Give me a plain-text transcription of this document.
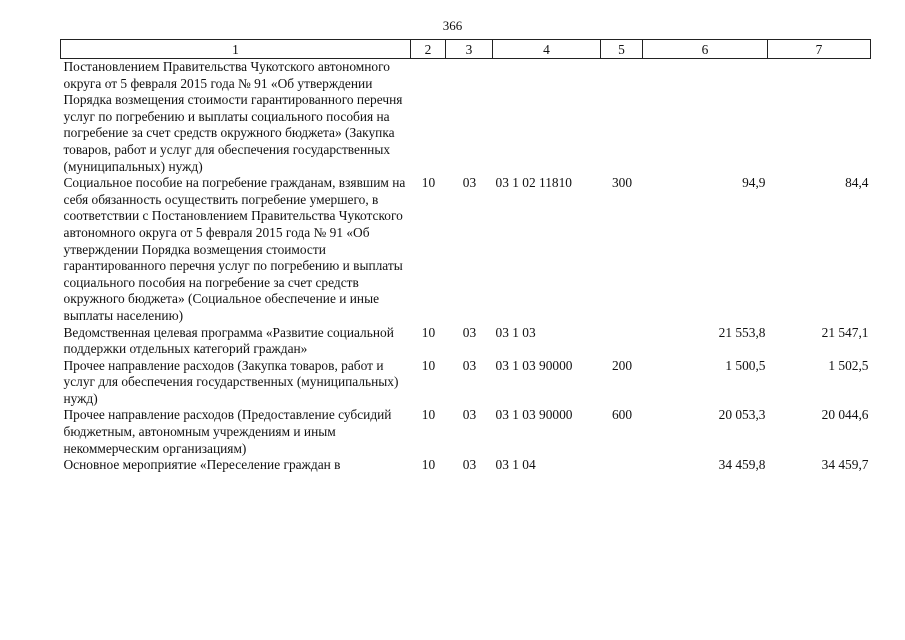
366
1	2	3	4	5	6	7
Постановлением Правительства Чукотского автономного округа от 5 февраля 2015 года № 91 «Об утверждении Порядка возмещения стоимости гарантированного перечня услуг по погребению и выплаты социального пособия на погребение за счет средств окружного бюджета» (Закупка товаров, работ и услуг для обеспечения государственных (муниципальных) нужд)						
Социальное пособие на погребение гражданам, взявшим на себя обязанность осуществить погребение умершего, в соответствии с Постановлением Правительства Чукотского автономного округа от 5 февраля 2015 года № 91 «Об утверждении Порядка возмещения стоимости гарантированного перечня услуг по погребению и выплаты социального пособия на погребение за счет средств окружного бюджета» (Социальное обеспечение и иные выплаты населению)	10	03	03 1 02 11810	300	94,9	84,4
Ведомственная целевая программа «Развитие социальной поддержки отдельных категорий граждан»	10	03	03 1 03		21 553,8	21 547,1
Прочее направление расходов (Закупка товаров, работ и услуг для обеспечения государственных (муниципальных) нужд)	10	03	03 1 03 90000	200	1 500,5	1 502,5
Прочее направление расходов (Предоставление субсидий бюджетным, автономным учреждениям и иным некоммерческим организациям)	10	03	03 1 03 90000	600	20 053,3	20 044,6
Основное мероприятие «Переселение граждан в	10	03	03 1 04		34 459,8	34 459,7
